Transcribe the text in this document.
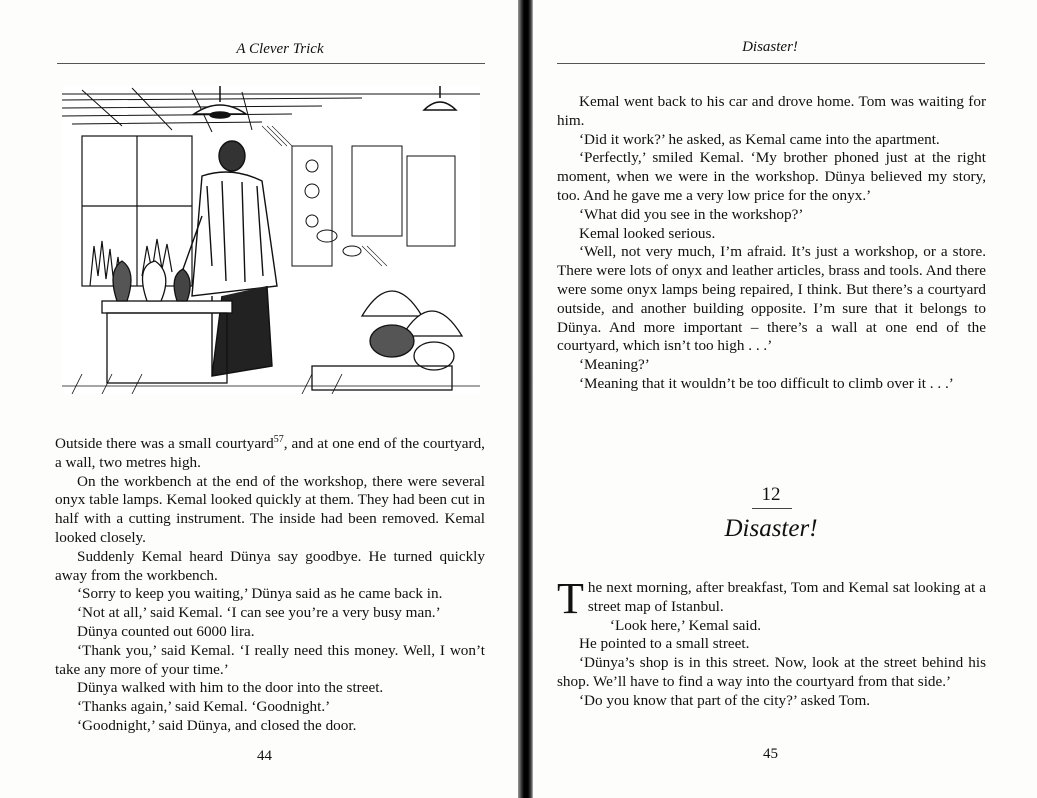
A Clever Trick

Outside there was a small courtyard$^{57}$, and at one end of the courtyard, a wall, two metres high.

On the workbench at the end of the workshop, there were several onyx table lamps. Kemal looked quickly at them. They had been cut in half with a cutting instrument. The inside had been removed. Kemal looked closely.

Suddenly Kemal heard Dünya say goodbye. He turned quickly away from the workbench.

‘Sorry to keep you waiting,’ Dünya said as he came back in.

‘Not at all,’ said Kemal. ‘I can see you’re a very busy man.’

Dünya counted out 6000 lira.

‘Thank you,’ said Kemal. ‘I really need this money. Well, I won’t take any more of your time.’

Dünya walked with him to the door into the street.

‘Thanks again,’ said Kemal. ‘Goodnight.’

‘Goodnight,’ said Dünya, and closed the door.

44
Disaster!

Kemal went back to his car and drove home. Tom was waiting for him.

‘Did it work?’ he asked, as Kemal came into the apartment.

‘Perfectly,’ smiled Kemal. ‘My brother phoned just at the right moment, when we were in the workshop. Dünya believed my story, too. And he gave me a very low price for the onyx.’

‘What did you see in the workshop?’

Kemal looked serious.

‘Well, not very much, I’m afraid. It’s just a workshop, or a store. There were lots of onyx and leather articles, brass and tools. And there were some onyx lamps being repaired, I think. But there’s a courtyard outside, and another building opposite. I’m sure that it belongs to Dünya. And more important – there’s a wall at one end of the courtyard, which isn’t too high . . .’

‘Meaning?’

‘Meaning that it wouldn’t be too difficult to climb over it . . .’

12
Disaster!

The next morning, after breakfast, Tom and Kemal sat looking at a street map of Istanbul.

‘Look here,’ Kemal said.

He pointed to a small street.

‘Dünya’s shop is in this street. Now, look at the street behind his shop. We’ll have to find a way into the courtyard from that side.’

‘Do you know that part of the city?’ asked Tom.

45
